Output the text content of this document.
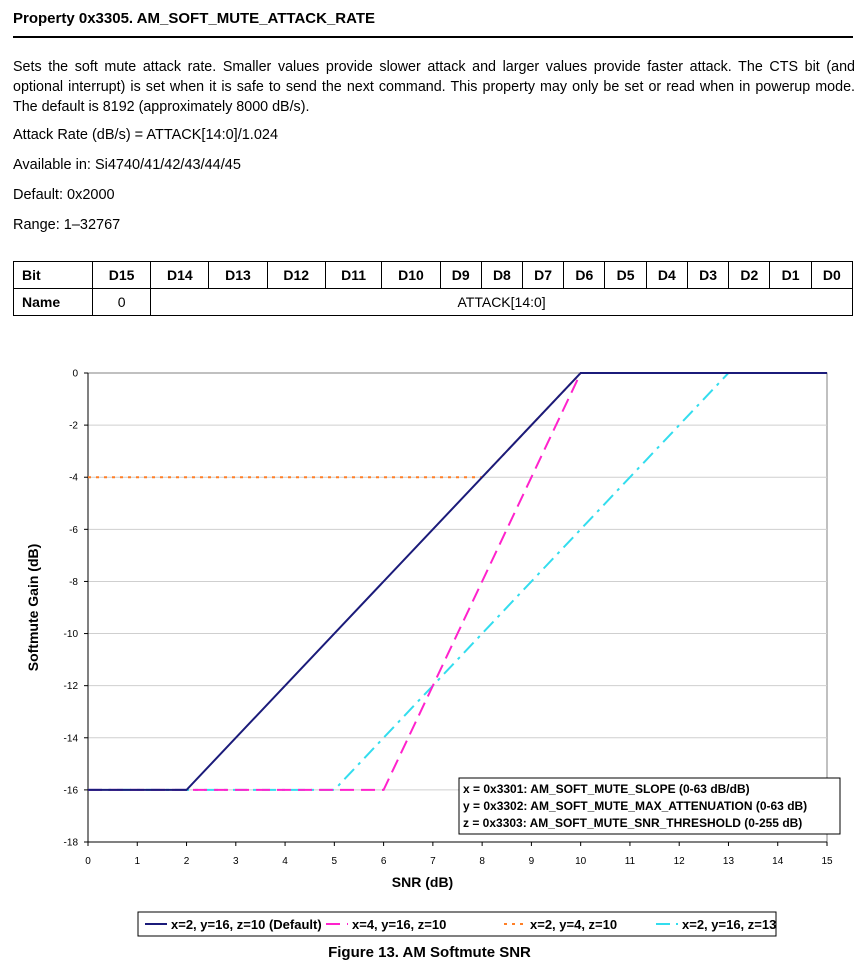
Property 0x3305. AM_SOFT_MUTE_ATTACK_RATE
Sets the soft mute attack rate. Smaller values provide slower attack and larger values provide faster attack. The CTS bit (and optional interrupt) is set when it is safe to send the next command. This property may only be set or read when in powerup mode. The default is 8192 (approximately 8000 dB/s).
Attack Rate (dB/s) = ATTACK[14:0]/1.024
Available in: Si4740/41/42/43/44/45
Default: 0x2000
Range: 1–32767
Bit	D15	D14	D13	D12	D11	D10	D9	D8	D7	D6	D5	D4	D3	D2	D1	D0
Name	0	ATTACK[14:0]														
0
-2
-4
-6
-8
-10
-12
-14
-16
-18
0	1	2	3	4	5	6	7	8	9	10	11	12	13	14	15
SNR (dB)
Softmute Gain (dB)
x = 0x3301: AM_SOFT_MUTE_SLOPE (0-63 dB/dB)
y = 0x3302: AM_SOFT_MUTE_MAX_ATTENUATION (0-63 dB)
z = 0x3303: AM_SOFT_MUTE_SNR_THRESHOLD (0-255 dB)
x=2, y=16, z=10 (Default) x=4, y=16, z=10	x=2, y=4, z=10	x=2, y=16, z=13
Figure 13. AM Softmute SNR
